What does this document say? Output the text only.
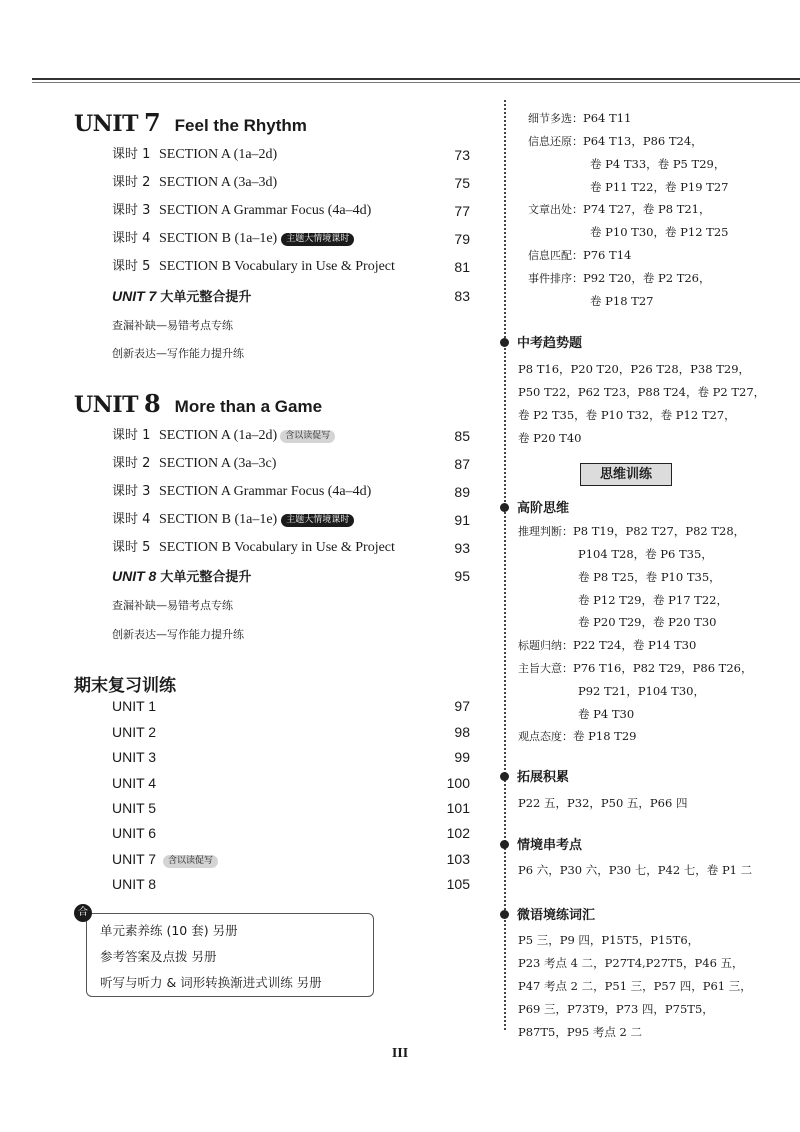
UNIT 7 Feel the Rhythm
课时 1 SECTION A (1a–2d)	73
课时 2 SECTION A (3a–3d)	75
课时 3 SECTION A Grammar Focus (4a–4d)	77
课时 4 SECTION B (1a–1e) 主题大情境课时	79
课时 5 SECTION B Vocabulary in Use & Project	81
UNIT 7 大单元整合提升	83
查漏补缺—易错考点专练
创新表达—写作能力提升练
UNIT 8 More than a Game
课时 1 SECTION A (1a–2d) 含以读促写	85
课时 2 SECTION A (3a–3c)	87
课时 3 SECTION A Grammar Focus (4a–4d)	89
课时 4 SECTION B (1a–1e) 主题大情境课时	91
课时 5 SECTION B Vocabulary in Use & Project	93
UNIT 8 大单元整合提升	95
查漏补缺—易错考点专练
创新表达—写作能力提升练
期末复习训练
UNIT 1	97
UNIT 2	98
UNIT 3	99
UNIT 4	100
UNIT 5	101
UNIT 6	102
UNIT 7 含以读促写	103
UNIT 8	105
合
单元素养练 (10 套) 另册
参考答案及点拨 另册
听写与听力 & 词形转换渐进式训练 另册
细节多选：P64 T11
信息还原：P64 T13，P86 T24，
卷 P4 T33，卷 P5 T29，
卷 P11 T22，卷 P19 T27
文章出处：P74 T27，卷 P8 T21，
卷 P10 T30，卷 P12 T25
信息匹配：P76 T14
事件排序：P92 T20，卷 P2 T26，
卷 P18 T27
中考趋势题
P8 T16，P20 T20，P26 T28，P38 T29，
P50 T22，P62 T23，P88 T24，卷 P2 T27，
卷 P2 T35，卷 P10 T32，卷 P12 T27，
卷 P20 T40
思维训练
高阶思维
推理判断：P8 T19，P82 T27，P82 T28，
P104 T28，卷 P6 T35，
卷 P8 T25，卷 P10 T35，
卷 P12 T29，卷 P17 T22，
卷 P20 T29，卷 P20 T30
标题归纳：P22 T24，卷 P14 T30
主旨大意：P76 T16，P82 T29，P86 T26，
P92 T21，P104 T30，
卷 P4 T30
观点态度：卷 P18 T29
拓展积累
P22 五，P32，P50 五，P66 四
情境串考点
P6 六，P30 六，P30 七，P42 七，卷 P1 二
微语境练词汇
P5 三，P9 四，P15T5，P15T6，
P23 考点 4 二，P27T4,P27T5，P46 五，
P47 考点 2 二，P51 三，P57 四，P61 三，
P69 三，P73T9，P73 四，P75T5，
P87T5，P95 考点 2 二
III
